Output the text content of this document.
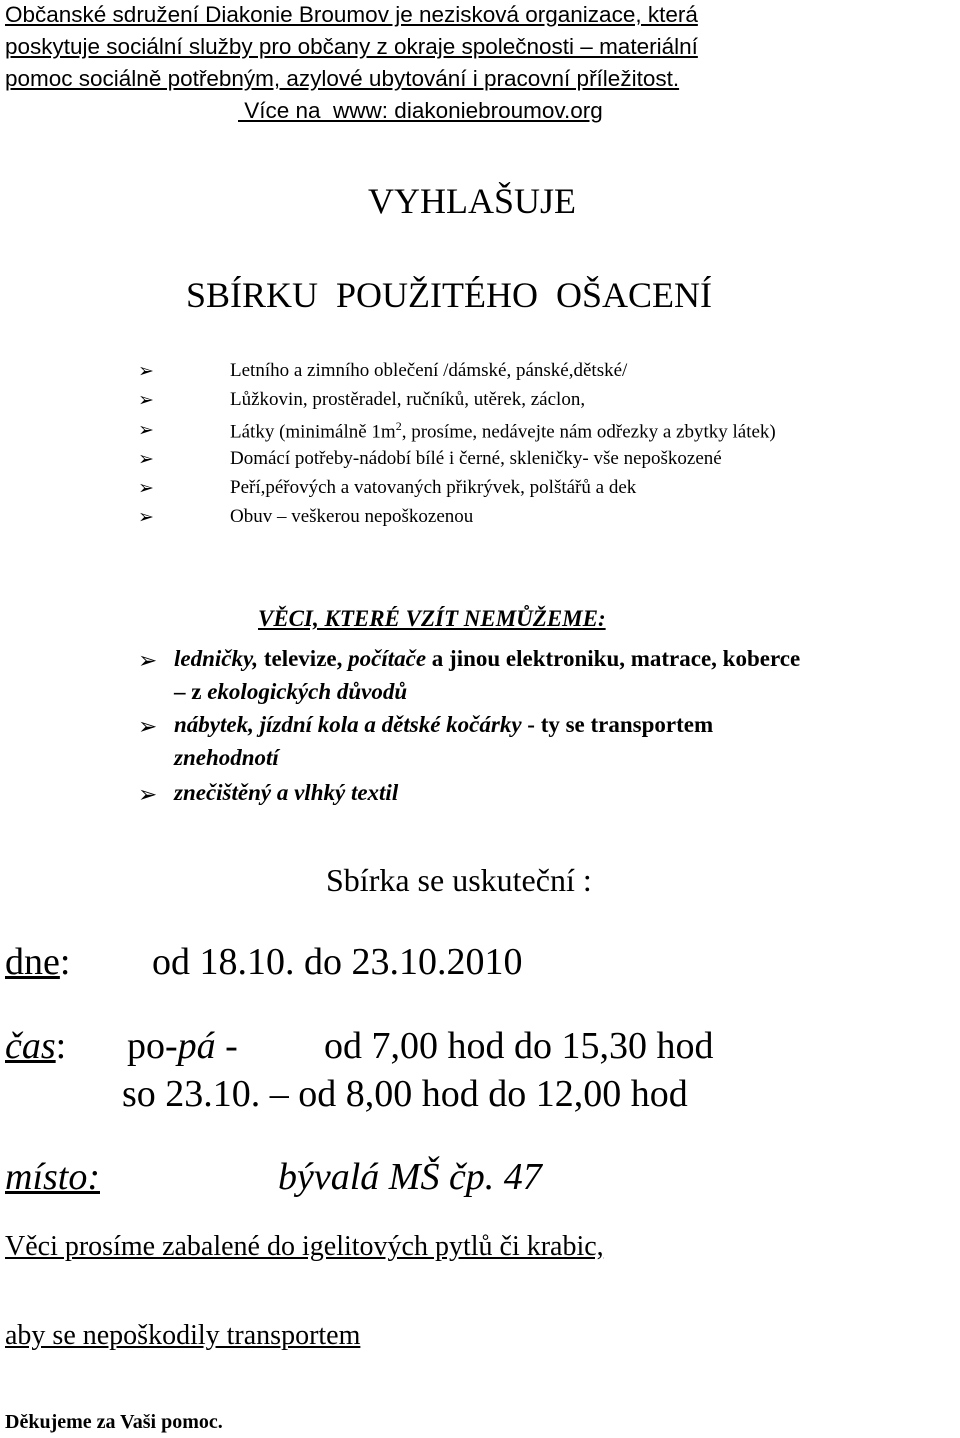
Občanské sdružení Diakonie Broumov je nezisková organizace, která
poskytuje sociální služby pro občany z okraje společnosti – materiální
pomoc sociálně potřebným, azylové ubytování i pracovní příležitost.
Více na  www: diakoniebroumov.org
VYHLAŠUJE
SBÍRKU  POUŽITÉHO  OŠACENÍ
➢	Letního a zimního oblečení /dámské, pánské,dětské/
➢	Lůžkovin, prostěradel, ručníků, utěrek, záclon,
➢	Látky (minimálně $1m^2$, prosíme, nedávejte nám odřezky a zbytky látek)
➢	Domácí potřeby-nádobí bílé i černé, skleničky- vše nepoškozené
➢	Peří,péřových a vatovaných přikrývek, polštářů a dek
➢	Obuv – veškerou nepoškozenou
VĚCI, KTERÉ VZÍT NEMŮŽEME:
➢ ledničky, televize, počítače a jinou elektroniku, matrace, koberce
– z ekologických důvodů
➢ nábytek, jízdní kola a dětské kočárky - ty se transportem
znehodnotí
➢ znečištěný a vlhký textil
Sbírka se uskuteční :
dne: od 18.10. do 23.10.2010
čas: po-pá - od 7,00 hod do 15,30 hod
so 23.10. – od 8,00 hod do 12,00 hod
místo:	bývalá MŠ čp. 47
Věci prosíme zabalené do igelitových pytlů či krabic,
aby se nepoškodily transportem
Děkujeme za Vaši pomoc.
